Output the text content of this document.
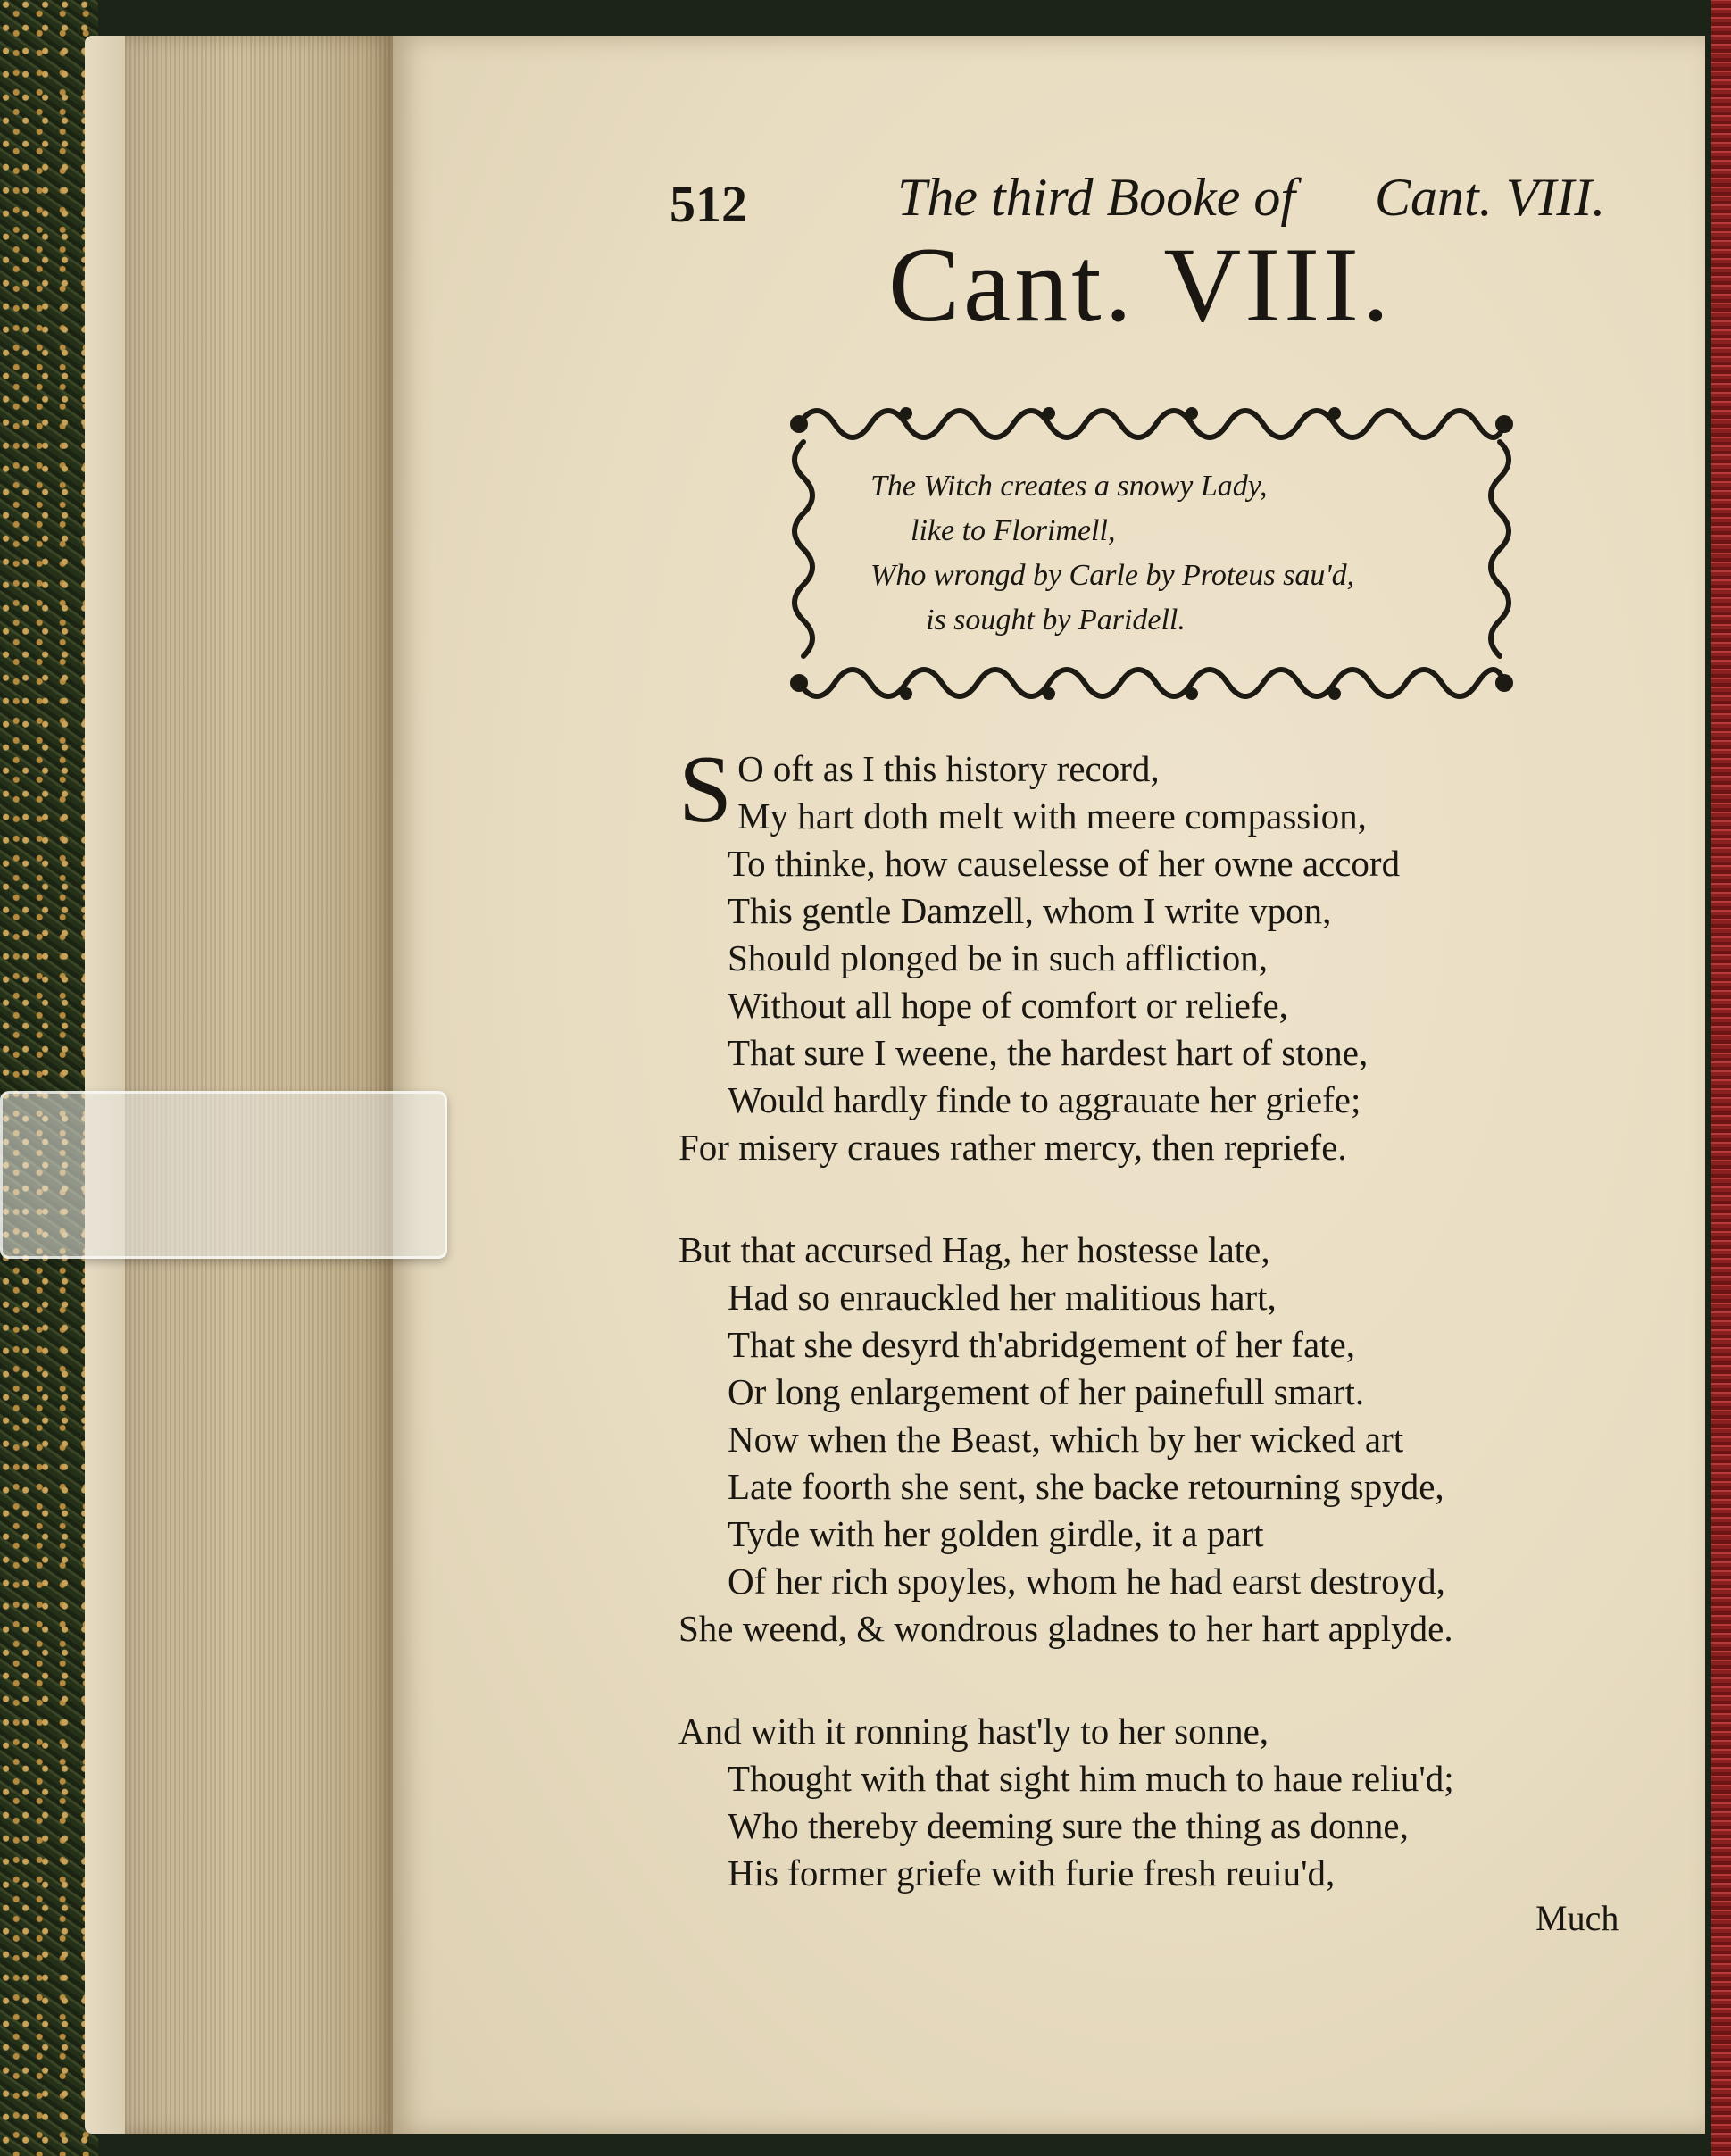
512	The third Booke of Cant. VIII.
Cant. VIII.
The Witch creates a snowy Lady,
like to Florimell,
Who wrongd by Carle by Proteus sau'd,
is sought by Paridell.
S O oft as I this history record,
My hart doth melt with meere compassion,
To thinke, how causelesse of her owne accord
This gentle Damzell, whom I write vpon,
Should plonged be in such affliction,
Without all hope of comfort or reliefe,
That sure I weene, the hardest hart of stone,
Would hardly finde to aggrauate her griefe;
For misery craues rather mercy, then repriefe.
But that accursed Hag, her hostesse late,
Had so enrauckled her malitious hart,
That she desyrd th'abridgement of her fate,
Or long enlargement of her painefull smart.
Now when the Beast, which by her wicked art
Late foorth she sent, she backe retourning spyde,
Tyde with her golden girdle, it a part
Of her rich spoyles, whom he had earst destroyd,
She weend, & wondrous gladnes to her hart applyde.
And with it ronning hast'ly to her sonne,
Thought with that sight him much to haue reliu'd;
Who thereby deeming sure the thing as donne,
His former griefe with furie fresh reuiu'd,
Much
